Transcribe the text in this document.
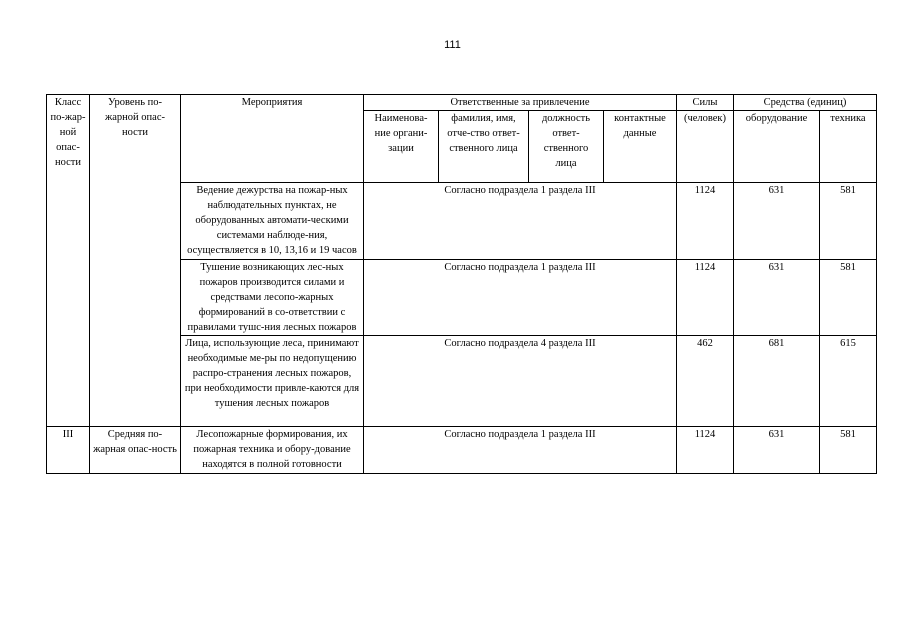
111
Класс по-жар-ной опас-ности	Уровень по-жарной опас-ности	Мероприятия	Ответственные за привлечение				Силы	Средства (единиц)	
			Наименова-ние органи-зации	фамилия, имя, отче-ство ответ-ственного лица	должность ответ-ственного лица	контактные данные	(человек)	оборудование	техника
		Ведение дежурства на пожар-ных наблюдательных пунктах, не оборудованных автомати-ческими системами наблюде-ния, осуществляется в 10, 13,16 и 19 часов	Согласно подраздела 1 раздела III				1124	631	581
		Тушение возникающих лес-ных пожаров производится силами и средствами лесопо-жарных формирований в со-ответствии с правилами тушс-ния лесных пожаров	Согласно подраздела 1 раздела III				1124	631	581
		Лица, использующие леса, принимают необходимые ме-ры по недопущению распро-странения лесных пожаров, при необходимости привле-каются для тушения лесных пожаров	Согласно подраздела 4 раздела III				462	681	615
III	Средняя по-жарная опас-ность	Лесопожарные формирования, их пожарная техника и обору-дование находятся в полной готовности	Согласно подраздела 1 раздела III				1124	631	581
